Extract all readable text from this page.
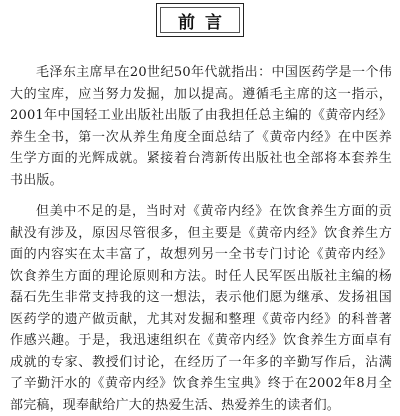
前言

毛泽东主席早在20世纪50年代就指出：中国医药学是一个伟大的宝库，应当努力发掘，加以提高。遵循毛主席的这一指示，2001年中国轻工业出版社出版了由我担任总主编的《黄帝内经》养生全书，第一次从养生角度全面总结了《黄帝内经》在中医养生学方面的光辉成就。紧接着台湾新传出版社也全部将本套养生书出版。

但美中不足的是，当时对《黄帝内经》在饮食养生方面的贡献没有涉及，原因尽管很多，但主要是《黄帝内经》饮食养生方面的内容实在太丰富了，故想列另一全书专门讨论《黄帝内经》饮食养生方面的理论原则和方法。时任人民军医出版社主编的杨磊石先生非常支持我的这一想法，表示他们愿为继承、发扬祖国医药学的遗产做贡献，尤其对发掘和整理《黄帝内经》的科普著作感兴趣。于是，我迅速组织在《黄帝内经》饮食养生方面卓有成就的专家、教授们讨论，在经历了一年多的辛勤写作后，沾满了辛勤汗水的《黄帝内经》饮食养生宝典》终于在2002年8月全部完稿，现奉献给广大的热爱生活、热爱养生的读者们。
